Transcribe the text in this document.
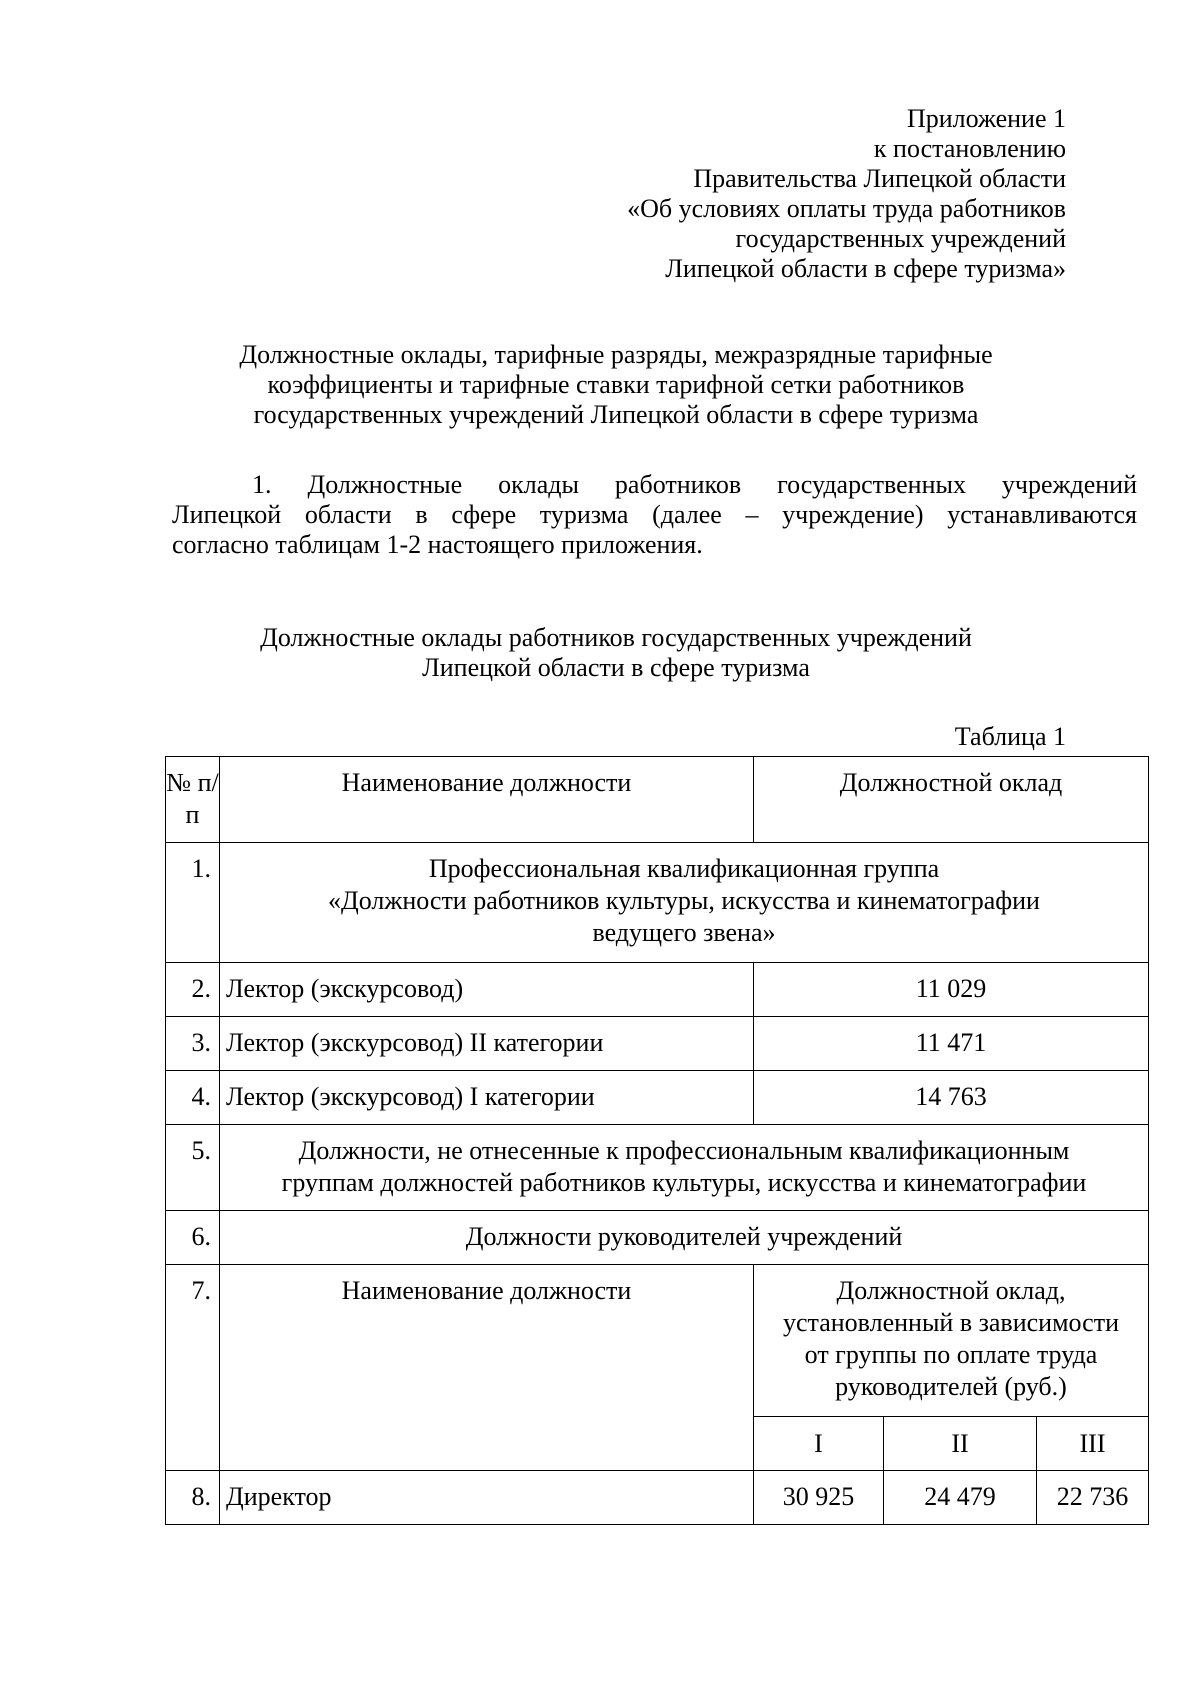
Приложение 1
к постановлению
Правительства Липецкой области
«Об условиях оплаты труда работников
государственных учреждений
Липецкой области в сфере туризма»
Должностные оклады, тарифные разряды, межразрядные тарифные
коэффициенты и тарифные ставки тарифной сетки работников
государственных учреждений Липецкой области в сфере туризма
1. Должностные оклады работников государственных учреждений
Липецкой области в сфере туризма (далее – учреждение) устанавливаются
согласно таблицам 1-2 настоящего приложения.
Должностные оклады работников государственных учреждений
Липецкой области в сфере туризма
Таблица 1
№ п/п	Наименование должности	Должностной оклад		
1.	Профессиональная квалификационная группа
«Должности работников культуры, искусства и кинематографии
ведущего звена»			

2.	Лектор (экскурсовод)	11 029		
3.	Лектор (экскурсовод) II категории	11 471		
4.	Лектор (экскурсовод) I категории	14 763		
5.	Должности, не отнесенные к профессиональным квалификационным
группам должностей работников культуры, искусства и кинематографии			

6.	Должности руководителей учреждений			
7.	Наименование должности	Должностной оклад,
установленный в зависимости
от группы по оплате труда
руководителей (руб.)		

		I	II	III
8.	Директор	30 925	24 479	22 736
